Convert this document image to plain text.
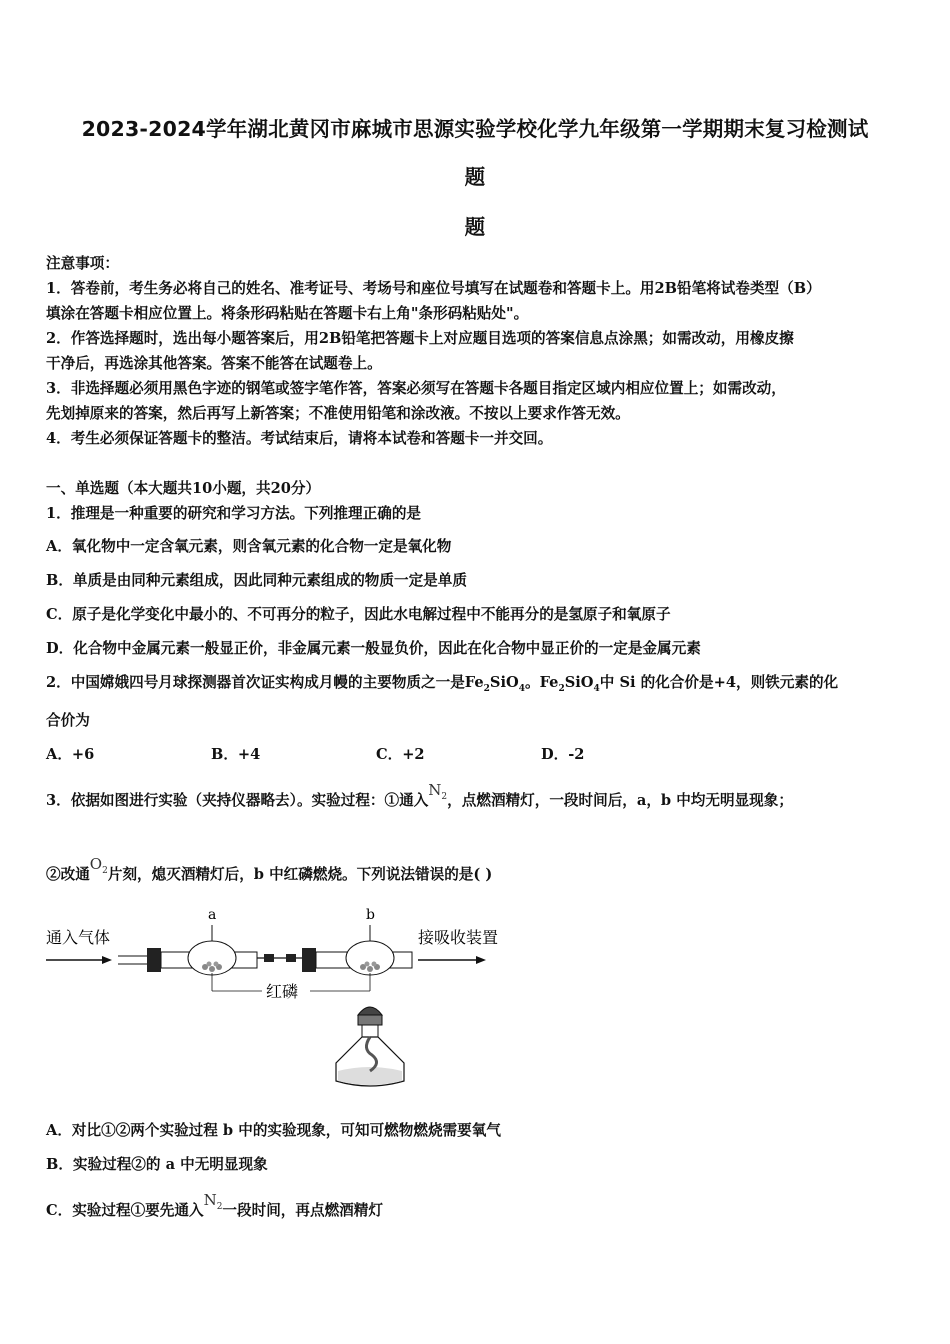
2023-2024学年湖北黄冈市麻城市思源实验学校化学九年级第一学期期末复习检测试
题
题
注意事项：
1．答卷前，考生务必将自己的姓名、准考证号、考场号和座位号填写在试题卷和答题卡上。用2B铅笔将试卷类型（B）
填涂在答题卡相应位置上。将条形码粘贴在答题卡右上角"条形码粘贴处"。
2．作答选择题时，选出每小题答案后，用2B铅笔把答题卡上对应题目选项的答案信息点涂黑；如需改动，用橡皮擦
干净后，再选涂其他答案。答案不能答在试题卷上。
3．非选择题必须用黑色字迹的钢笔或签字笔作答，答案必须写在答题卡各题目指定区域内相应位置上；如需改动，
先划掉原来的答案，然后再写上新答案；不准使用铅笔和涂改液。不按以上要求作答无效。
4．考生必须保证答题卡的整洁。考试结束后，请将本试卷和答题卡一并交回。
一、单选题（本大题共10小题，共20分）
1．推理是一种重要的研究和学习方法。下列推理正确的是
A．氧化物中一定含氧元素，则含氧元素的化合物一定是氧化物
B．单质是由同种元素组成，因此同种元素组成的物质一定是单质
C．原子是化学变化中最小的、不可再分的粒子，因此水电解过程中不能再分的是氢原子和氧原子
D．化合物中金属元素一般显正价，非金属元素一般显负价，因此在化合物中显正价的一定是金属元素
2．中国嫦娥四号月球探测器首次证实构成月幔的主要物质之一是$Fe_2SiO_4$。$Fe_2SiO_4$中 Si 的化合价是+4，则铁元素的化
合价为
A．+6	B．+4	C．+2	D．-2
3．依据如图进行实验（夹持仪器略去）。实验过程：①通入$N_2$，点燃酒精灯，一段时间后，a，b 中均无明显现象；
②改通$O_2$片刻，熄灭酒精灯后，b 中红磷燃烧。下列说法错误的是( )
通入气体
a	b
接吸收装置
红磷
A．对比①②两个实验过程 b 中的实验现象，可知可燃物燃烧需要氧气
B．实验过程②的 a 中无明显现象
C．实验过程①要先通入$N_2$一段时间，再点燃酒精灯
